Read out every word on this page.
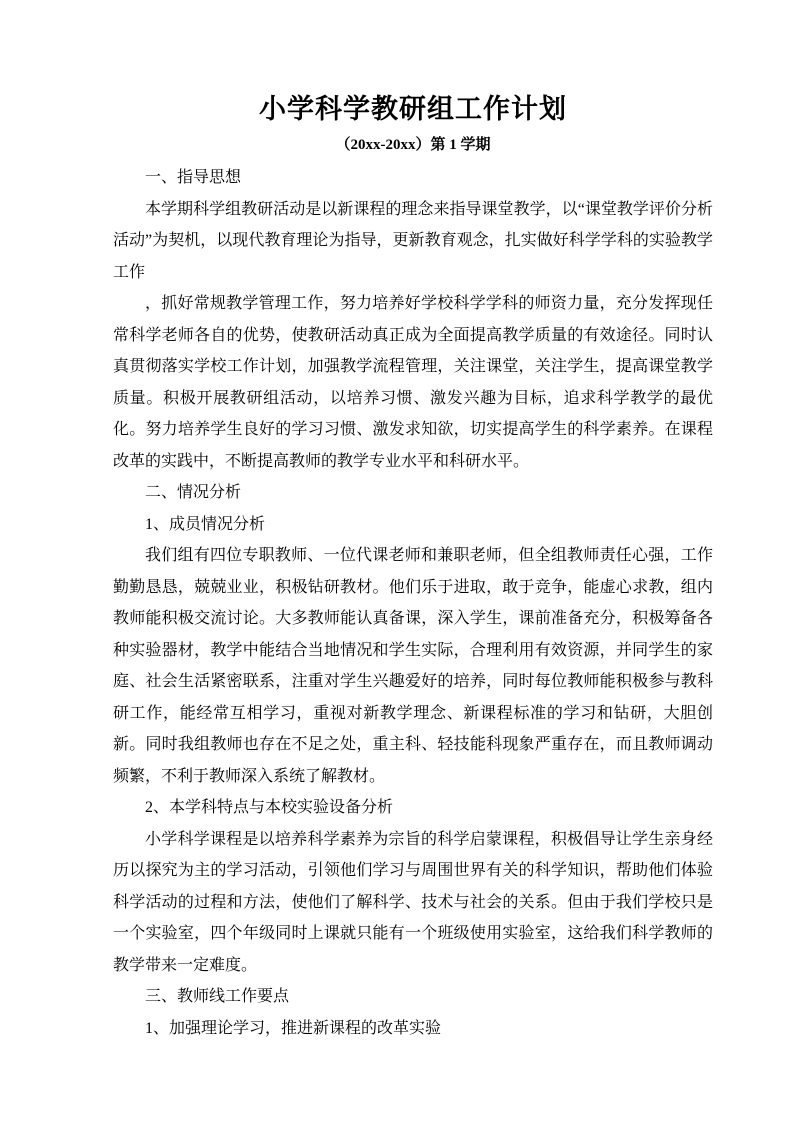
小学科学教研组工作计划
（20xx-20xx）第 1 学期

一、指导思想

本学期科学组教研活动是以新课程的理念来指导课堂教学，以“课堂教学评价分析活动”为契机，以现代教育理论为指导，更新教育观念，扎实做好科学学科的实验教学工作

，抓好常规教学管理工作，努力培养好学校科学学科的师资力量，充分发挥现任常科学老师各自的优势，使教研活动真正成为全面提高教学质量的有效途径。同时认真贯彻落实学校工作计划，加强教学流程管理，关注课堂，关注学生，提高课堂教学质量。积极开展教研组活动，以培养习惯、激发兴趣为目标，追求科学教学的最优化。努力培养学生良好的学习习惯、激发求知欲，切实提高学生的科学素养。在课程改革的实践中，不断提高教师的教学专业水平和科研水平。

二、情况分析

1、成员情况分析

我们组有四位专职教师、一位代课老师和兼职老师，但全组教师责任心强，工作勤勤恳恳，兢兢业业，积极钻研教材。他们乐于进取，敢于竞争，能虚心求教，组内教师能积极交流讨论。大多教师能认真备课，深入学生，课前准备充分，积极筹备各种实验器材，教学中能结合当地情况和学生实际，合理利用有效资源，并同学生的家庭、社会生活紧密联系，注重对学生兴趣爱好的培养，同时每位教师能积极参与教科研工作，能经常互相学习，重视对新教学理念、新课程标准的学习和钻研，大胆创新。同时我组教师也存在不足之处，重主科、轻技能科现象严重存在，而且教师调动频繁，不利于教师深入系统了解教材。

2、本学科特点与本校实验设备分析

小学科学课程是以培养科学素养为宗旨的科学启蒙课程，积极倡导让学生亲身经历以探究为主的学习活动，引领他们学习与周围世界有关的科学知识，帮助他们体验科学活动的过程和方法，使他们了解科学、技术与社会的关系。但由于我们学校只是一个实验室，四个年级同时上课就只能有一个班级使用实验室，这给我们科学教师的教学带来一定难度。

三、教师线工作要点

1、加强理论学习，推进新课程的改革实验
